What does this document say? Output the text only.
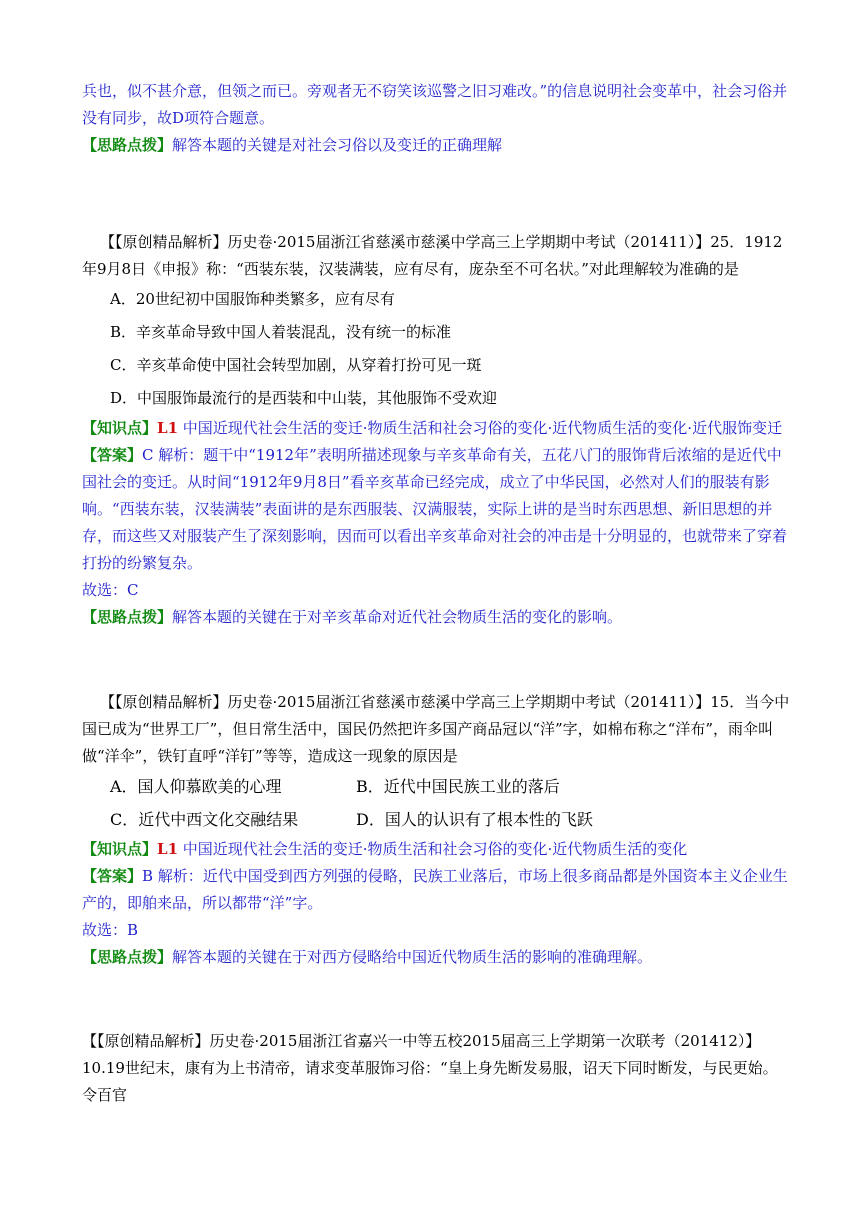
兵也，似不甚介意，但领之而已。旁观者无不窃笑该巡警之旧习难改。”的信息说明社会变革中，社会习俗并没有同步，故D项符合题意。

【思路点拨】解答本题的关键是对社会习俗以及变迁的正确理解

【【原创精品解析】历史卷·2015届浙江省慈溪市慈溪中学高三上学期期中考试（201411）】25．1912年9月8日《申报》称：“西装东装，汉装满装，应有尽有，庞杂至不可名状。”对此理解较为准确的是

A．20世纪初中国服饰种类繁多，应有尽有

B．辛亥革命导致中国人着装混乱，没有统一的标准

C．辛亥革命使中国社会转型加剧，从穿着打扮可见一斑

D．中国服饰最流行的是西装和中山装，其他服饰不受欢迎

【知识点】L1 中国近现代社会生活的变迁·物质生活和社会习俗的变化·近代物质生活的变化·近代服饰变迁

【答案】C 解析：题干中“1912年”表明所描述现象与辛亥革命有关，五花八门的服饰背后浓缩的是近代中国社会的变迁。从时间“1912年9月8日”看辛亥革命已经完成，成立了中华民国，必然对人们的服装有影响。“西装东装，汉装满装”表面讲的是东西服装、汉满服装，实际上讲的是当时东西思想、新旧思想的并存，而这些又对服装产生了深刻影响，因而可以看出辛亥革命对社会的冲击是十分明显的，也就带来了穿着打扮的纷繁复杂。

故选：C

【思路点拨】解答本题的关键在于对辛亥革命对近代社会物质生活的变化的影响。

【【原创精品解析】历史卷·2015届浙江省慈溪市慈溪中学高三上学期期中考试（201411）】15．当今中国已成为“世界工厂”，但日常生活中，国民仍然把许多国产商品冠以“洋”字，如棉布称之“洋布”，雨伞叫做“洋伞”，铁钉直呼“洋钉”等等，造成这一现象的原因是

A．国人仰慕欧美的心理	B．近代中国民族工业的落后
C．近代中西文化交融结果	D．国人的认识有了根本性的飞跃

【知识点】L1 中国近现代社会生活的变迁·物质生活和社会习俗的变化·近代物质生活的变化

【答案】B 解析：近代中国受到西方列强的侵略，民族工业落后，市场上很多商品都是外国资本主义企业生产的，即舶来品，所以都带“洋”字。

故选：B

【思路点拨】解答本题的关键在于对西方侵略给中国近代物质生活的影响的准确理解。

【【原创精品解析】历史卷·2015届浙江省嘉兴一中等五校2015届高三上学期第一次联考（201412）】10.19世纪末，康有为上书清帝，请求变革服饰习俗：“皇上身先断发易服，诏天下同时断发，与民更始。令百官
